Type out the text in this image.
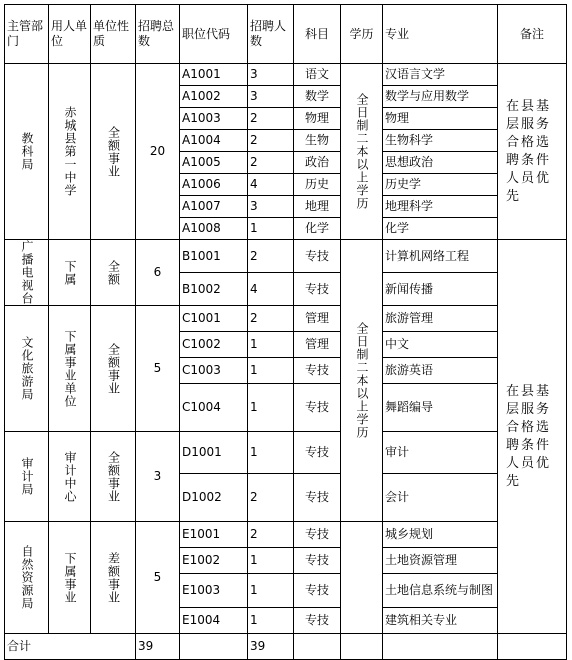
主管部门	用人单位	单位性质	招聘总数	职位代码	招聘人数	科目	学历	专业	备注

教科局	赤城县第一中学	全额事业	20	A1001	3	语文	全日制二本以上学历	汉语言文学	在县基层服务合格选聘条件人员优先
				A1002	3	数学		数学与应用数学	
				A1003	2	物理		物理	
				A1004	2	生物		生物科学	
				A1005	2	政治		思想政治	
				A1006	4	历史		历史学	
				A1007	3	地理		地理科学	
				A1008	1	化学		化学	

广播电视台	下属	全额	6	B1001	2	专技	全日制二本以上学历	计算机网络工程	在县基层服务合格选聘条件人员优先
				B1002	4	专技		新闻传播	

文化旅游局	下属事业单位	全额事业	5	C1001	2	管理		旅游管理	
				C1002	1	管理		中文	
				C1003	1	专技		旅游英语	
				C1004	1	专技		舞蹈编导	

审计局	审计中心	全额事业	3	D1001	1	专技		审计	
				D1002	2	专技		会计	

自然资源局	下属事业	差额事业	5	E1001	2	专技		城乡规划	
				E1002	1	专技		土地资源管理	
				E1003	1	专技		土地信息系统与制图	
				E1004	1	专技		建筑相关专业	
合计			39		39				
